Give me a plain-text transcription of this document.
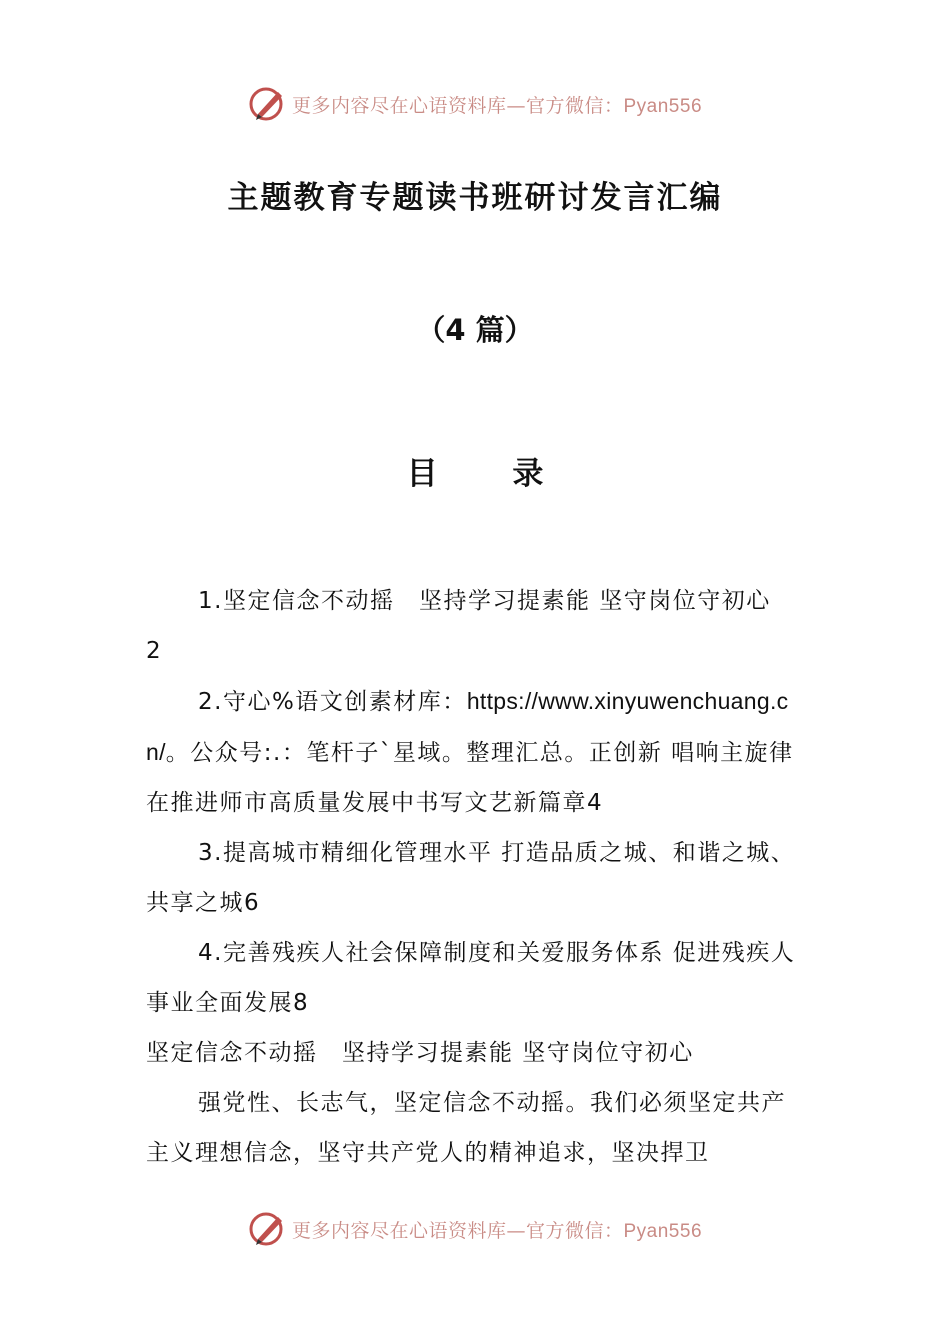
更多内容尽在心语资料库—官方微信：Pyan556
主题教育专题读书班研讨发言汇编
（4 篇）
目 录

1.坚定信念不动摇　坚持学习提素能 坚守岗位守初心
2

2.守心%语文创素材库：https://www.xinyuwenchuang.cn/。公众号:.：笔杆子`星域。整理汇总。正创新 唱响主旋律在推进师市高质量发展中书写文艺新篇章4

3.提高城市精细化管理水平 打造品质之城、和谐之城、共享之城6

4.完善残疾人社会保障制度和关爱服务体系 促进残疾人事业全面发展8

坚定信念不动摇　坚持学习提素能 坚守岗位守初心

强党性、长志气，坚定信念不动摇。我们必须坚定共产主义理想信念，坚守共产党人的精神追求，坚决捍卫

更多内容尽在心语资料库—官方微信：Pyan556
